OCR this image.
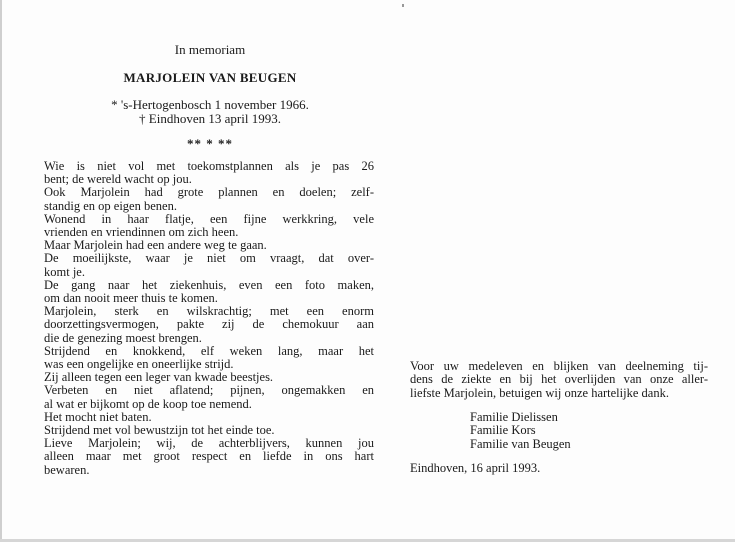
In memoriam
MARJOLEIN VAN BEUGEN
* 's-Hertogenbosch 1 november 1966.
† Eindhoven 13 april 1993.
** * **
Wie is niet vol met toekomstplannen als je pas 26
bent; de wereld wacht op jou.
Ook Marjolein had grote plannen en doelen; zelf-
standig en op eigen benen.
Wonend in haar flatje, een fijne werkkring, vele
vrienden en vriendinnen om zich heen.
Maar Marjolein had een andere weg te gaan.
De moeilijkste, waar je niet om vraagt, dat over-
komt je.
De gang naar het ziekenhuis, even een foto maken,
om dan nooit meer thuis te komen.
Marjolein, sterk en wilskrachtig; met een enorm
doorzettingsvermogen, pakte zij de chemokuur aan
die de genezing moest brengen.
Strijdend en knokkend, elf weken lang, maar het
was een ongelijke en oneerlijke strijd.
Zij alleen tegen een leger van kwade beestjes.
Verbeten en niet aflatend; pijnen, ongemakken en
al wat er bijkomt op de koop toe nemend.
Het mocht niet baten.
Strijdend met vol bewustzijn tot het einde toe.
Lieve Marjolein; wij, de achterblijvers, kunnen jou
alleen maar met groot respect en liefde in ons hart
bewaren.
Voor uw medeleven en blijken van deelneming tij-
dens de ziekte en bij het overlijden van onze aller-
liefste Marjolein, betuigen wij onze hartelijke dank.
Familie Dielissen
Familie Kors
Familie van Beugen
Eindhoven, 16 april 1993.
